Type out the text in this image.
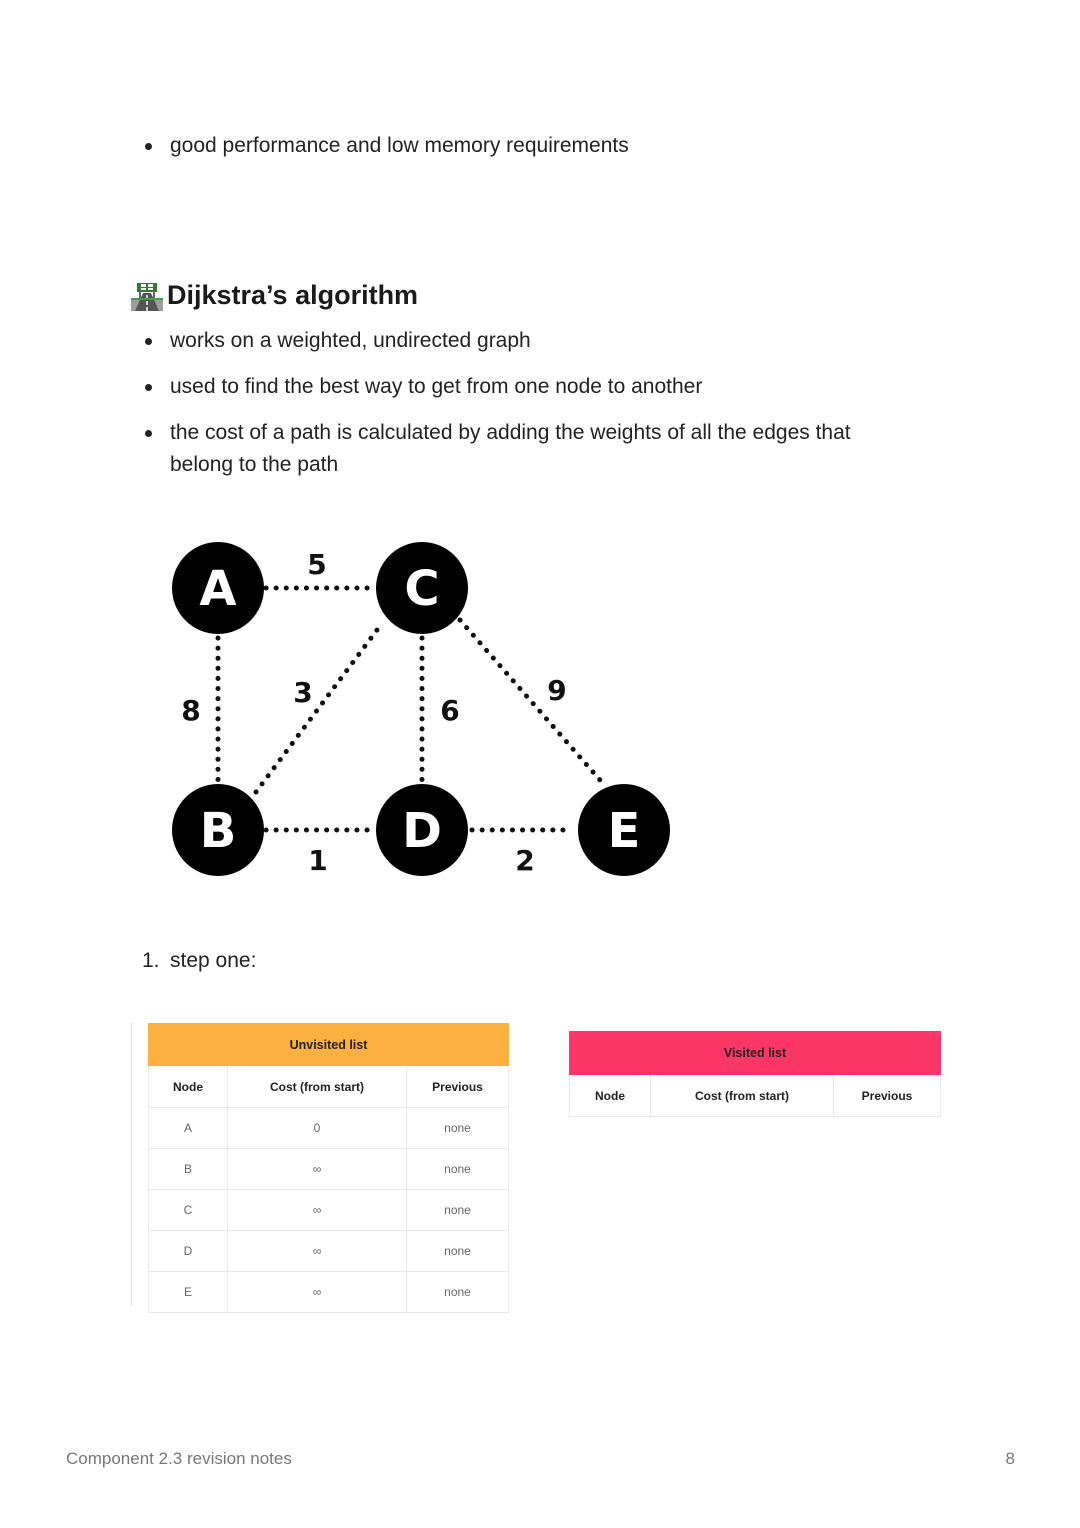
good performance and low memory requirements
Dijkstra’s algorithm
works on a weighted, undirected graph
used to find the best way to get from one node to another
the cost of a path is calculated by adding the weights of all the edges that belong to the path
5
8
3
6
9
1	2
A	C
B	D	E
1. step one:
Unvisited list		
Node	Cost (from start)	Previous
A	0	none
B	∞	none
C	∞	none
D	∞	none
E	∞	none
Visited list
Node	Cost (from start)	Previous
Component 2.3 revision notes	8
